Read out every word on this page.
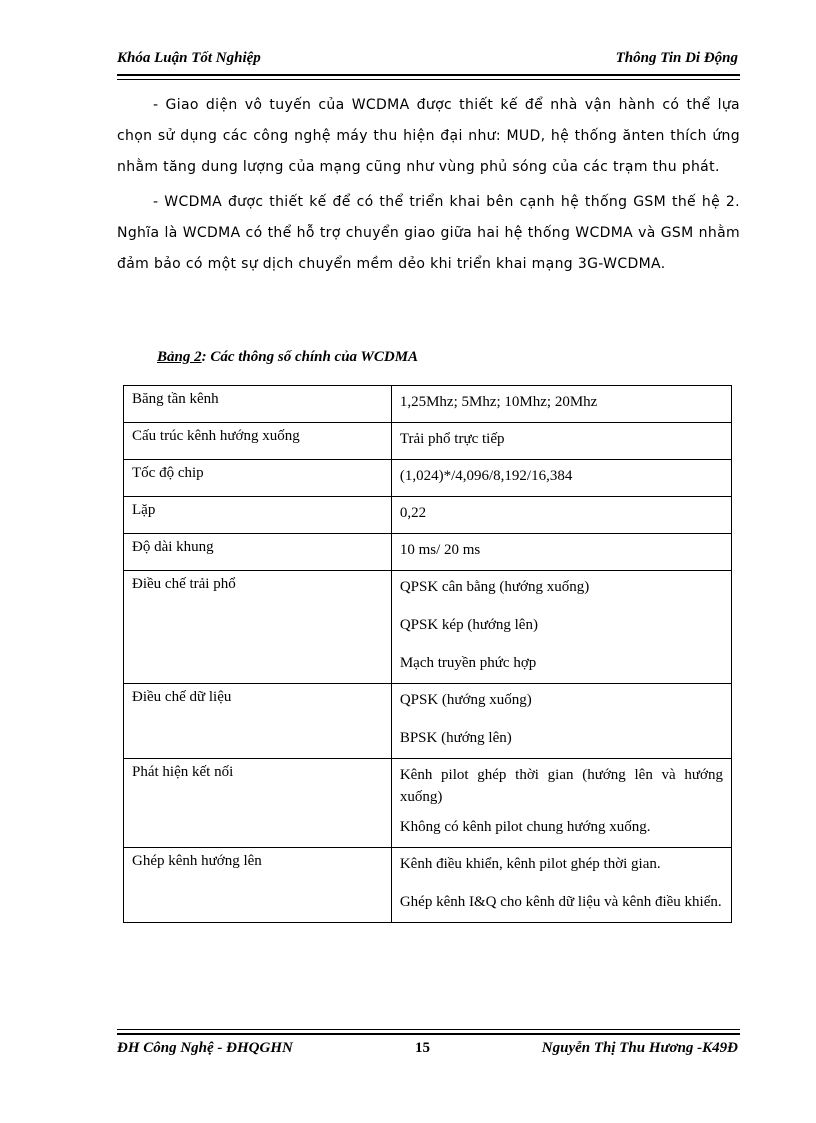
Khóa Luận Tốt Nghiệp	Thông Tin Di Động

- Giao diện vô tuyến của WCDMA được thiết kế để nhà vận hành có thể lựa chọn sử dụng các công nghệ máy thu hiện đại như: MUD, hệ thống ănten thích ứng nhằm tăng dung lượng của mạng cũng như vùng phủ sóng của các trạm thu phát.

- WCDMA được thiết kế để có thể triển khai bên cạnh hệ thống GSM thế hệ 2. Nghĩa là WCDMA có thể hỗ trợ chuyển giao giữa hai hệ thống WCDMA và GSM nhằm đảm bảo có một sự dịch chuyển mềm dẻo khi triển khai mạng 3G-WCDMA.

Bảng 2: Các thông số chính của WCDMA
Băng tần kênh	1,25Mhz; 5Mhz; 10Mhz; 20Mhz

Cấu trúc kênh hướng xuống	Trải phổ trực tiếp

Tốc độ chip	(1,024)*/4,096/8,192/16,384

Lặp	0,22

Độ dài khung	10 ms/ 20 ms

Điều chế trải phổ	QPSK cân bằng (hướng xuống)
QPSK kép (hướng lên)
Mạch truyền phức hợp

Điều chế dữ liệu	QPSK (hướng xuống)
BPSK (hướng lên)

Phát hiện kết nối	Kênh pilot ghép thời gian (hướng lên và hướng xuống)
Không có kênh pilot chung hướng xuống.

Ghép kênh hướng lên	Kênh điều khiển, kênh pilot ghép thời gian.
Ghép kênh I&Q cho kênh dữ liệu và kênh điều khiển.
ĐH Công Nghệ - ĐHQGHN	15	Nguyễn Thị Thu Hương -K49Đ
